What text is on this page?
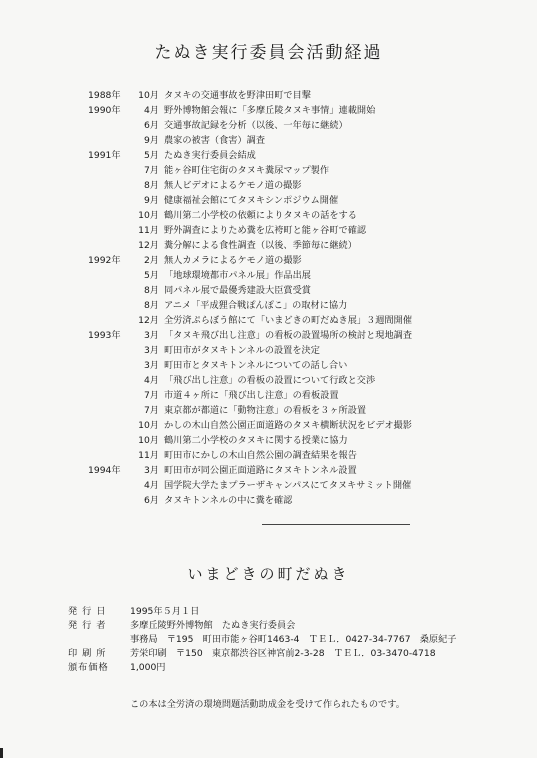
たぬき実行委員会活動経過
1988年	10月 タヌキの交通事故を野津田町で目撃
1990年	4月 野外博物館会報に「多摩丘陵タヌキ事情」連載開始
6月 交通事故記録を分析（以後、一年毎に継続）
9月 農家の被害（食害）調査
1991年	5月 たぬき実行委員会結成
7月 能ヶ谷町住宅街のタヌキ糞尿マップ製作
8月 無人ビデオによるケモノ道の撮影
9月 健康福祉会館にてタヌキシンポジウム開催
10月 鶴川第二小学校の依頼によりタヌキの話をする
11月 野外調査によりため糞を広袴町と能ヶ谷町で確認
12月 糞分解による食性調査（以後、季節毎に継続）
1992年	2月 無人カメラによるケモノ道の撮影
5月 「地球環境都市パネル展」作品出展
8月 同パネル展で最優秀建設大臣賞受賞
8月 アニメ「平成狸合戦ぽんぽこ」の取材に協力
12月 全労済ぷらぼう館にて「いまどきの町だぬき展」３週間開催
1993年	3月 「タヌキ飛び出し注意」の看板の設置場所の検討と現地調査
3月 町田市がタヌキトンネルの設置を決定
3月 町田市とタヌキトンネルについての話し合い
4月 「飛び出し注意」の看板の設置について行政と交渉
7月 市道４ヶ所に「飛び出し注意」の看板設置
7月 東京都が都道に「動物注意」の看板を３ヶ所設置
10月 かしの木山自然公園正面道路のタヌキ横断状況をビデオ撮影
10月 鶴川第二小学校のタヌキに関する授業に協力
11月 町田市にかしの木山自然公園の調査結果を報告
1994年	3月 町田市が同公園正面道路にタヌキトンネル設置
4月 国学院大学たまプラーザキャンパスにてタヌキサミット開催
6月 タヌキトンネルの中に糞を確認
いまどきの町だぬき
発 行 日	1995年５月１日
発 行 者	多摩丘陵野外博物館　たぬき実行委員会
事務局　〒195　町田市能ヶ谷町1463-4　ＴＥＬ．0427-34-7767　桑原紀子
印 刷 所	芳栄印刷　〒150　東京都渋谷区神宮前2-3-28　ＴＥＬ．03-3470-4718
頒布価格	1,000円
この本は全労済の環境問題活動助成金を受けて作られたものです。
